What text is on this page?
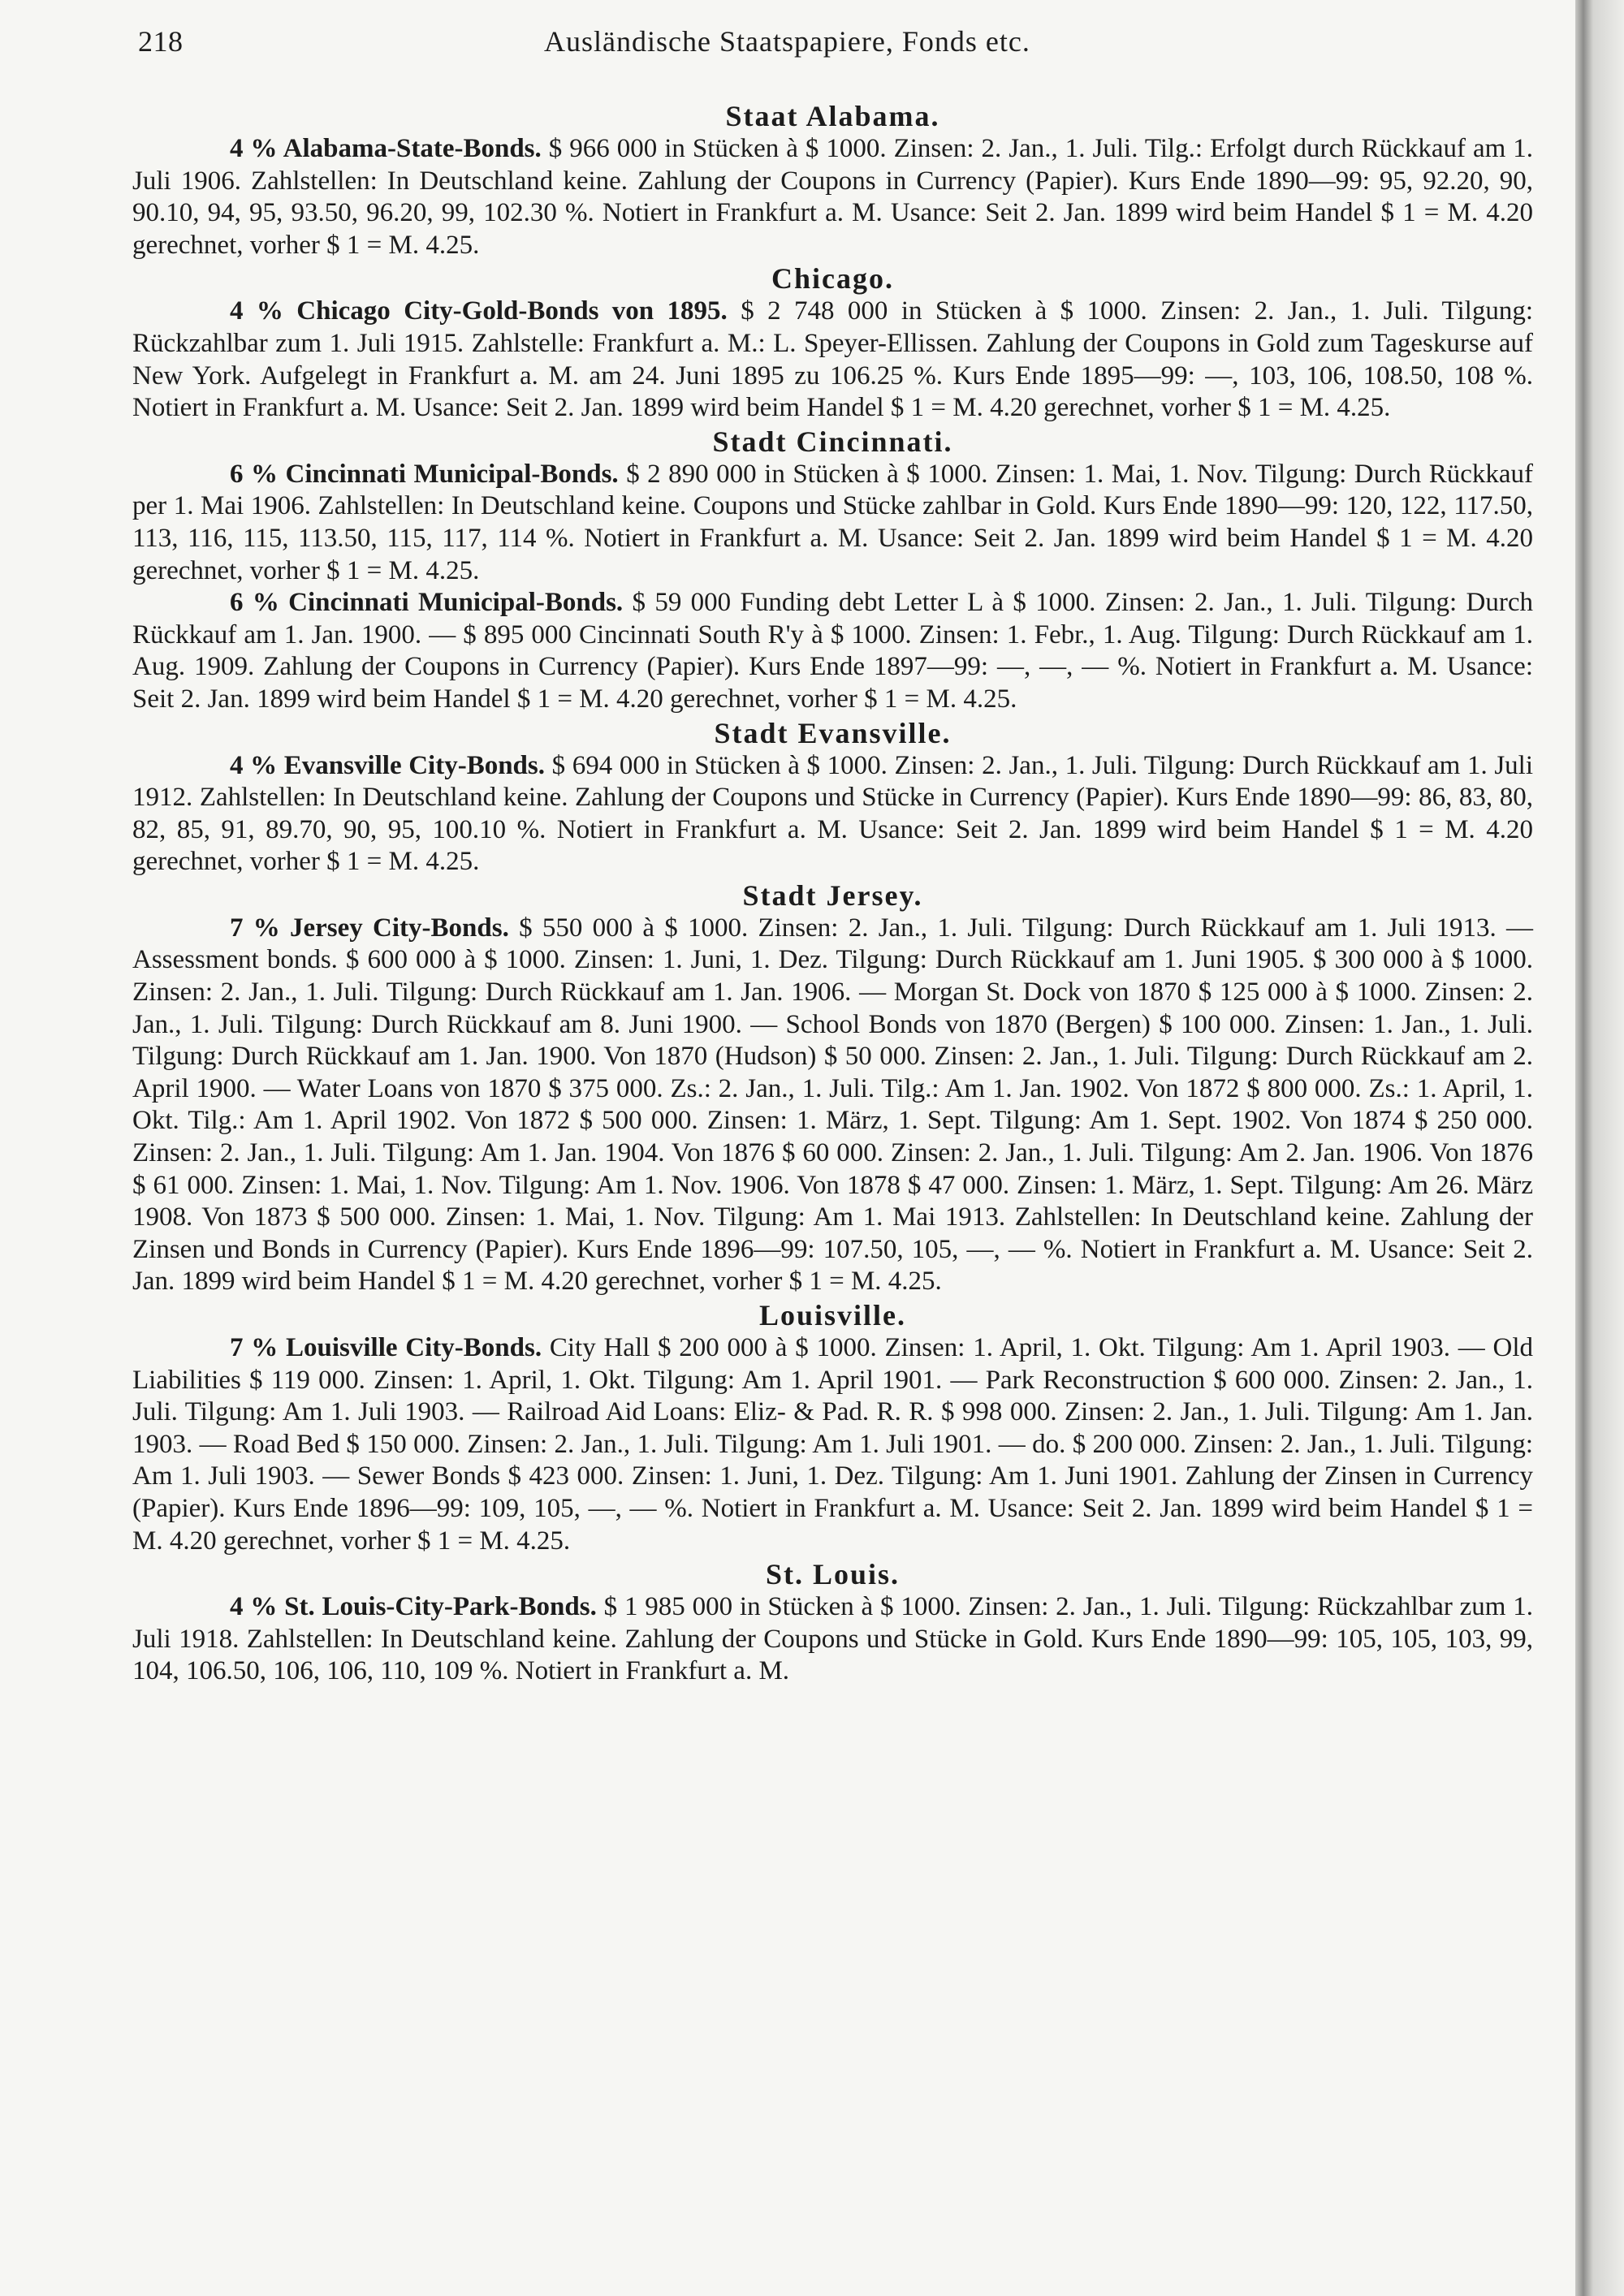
218	Ausländische Staatspapiere, Fonds etc.
Staat Alabama.

4 % Alabama-State-Bonds. $ 966 000 in Stücken à $ 1000. Zinsen: 2. Jan., 1. Juli. Tilg.: Erfolgt durch Rückkauf am 1. Juli 1906. Zahlstellen: In Deutschland keine. Zahlung der Coupons in Currency (Papier). Kurs Ende 1890—99: 95, 92.20, 90, 90.10, 94, 95, 93.50, 96.20, 99, 102.30 %. Notiert in Frankfurt a. M. Usance: Seit 2. Jan. 1899 wird beim Handel $ 1 = M. 4.20 gerechnet, vorher $ 1 = M. 4.25.

Chicago.

4 % Chicago City-Gold-Bonds von 1895. $ 2 748 000 in Stücken à $ 1000. Zinsen: 2. Jan., 1. Juli. Tilgung: Rückzahlbar zum 1. Juli 1915. Zahlstelle: Frankfurt a. M.: L. Speyer-Ellissen. Zahlung der Coupons in Gold zum Tageskurse auf New York. Aufgelegt in Frankfurt a. M. am 24. Juni 1895 zu 106.25 %. Kurs Ende 1895—99: —, 103, 106, 108.50, 108 %. Notiert in Frankfurt a. M. Usance: Seit 2. Jan. 1899 wird beim Handel $ 1 = M. 4.20 gerechnet, vorher $ 1 = M. 4.25.

Stadt Cincinnati.

6 % Cincinnati Municipal-Bonds. $ 2 890 000 in Stücken à $ 1000. Zinsen: 1. Mai, 1. Nov. Tilgung: Durch Rückkauf per 1. Mai 1906. Zahlstellen: In Deutschland keine. Coupons und Stücke zahlbar in Gold. Kurs Ende 1890—99: 120, 122, 117.50, 113, 116, 115, 113.50, 115, 117, 114 %. Notiert in Frankfurt a. M. Usance: Seit 2. Jan. 1899 wird beim Handel $ 1 = M. 4.20 gerechnet, vorher $ 1 = M. 4.25.

6 % Cincinnati Municipal-Bonds. $ 59 000 Funding debt Letter L à $ 1000. Zinsen: 2. Jan., 1. Juli. Tilgung: Durch Rückkauf am 1. Jan. 1900. — $ 895 000 Cincinnati South R'y à $ 1000. Zinsen: 1. Febr., 1. Aug. Tilgung: Durch Rückkauf am 1. Aug. 1909. Zahlung der Coupons in Currency (Papier). Kurs Ende 1897—99: —, —, — %. Notiert in Frankfurt a. M. Usance: Seit 2. Jan. 1899 wird beim Handel $ 1 = M. 4.20 gerechnet, vorher $ 1 = M. 4.25.

Stadt Evansville.

4 % Evansville City-Bonds. $ 694 000 in Stücken à $ 1000. Zinsen: 2. Jan., 1. Juli. Tilgung: Durch Rückkauf am 1. Juli 1912. Zahlstellen: In Deutschland keine. Zahlung der Coupons und Stücke in Currency (Papier). Kurs Ende 1890—99: 86, 83, 80, 82, 85, 91, 89.70, 90, 95, 100.10 %. Notiert in Frankfurt a. M. Usance: Seit 2. Jan. 1899 wird beim Handel $ 1 = M. 4.20 gerechnet, vorher $ 1 = M. 4.25.

Stadt Jersey.

7 % Jersey City-Bonds. $ 550 000 à $ 1000. Zinsen: 2. Jan., 1. Juli. Tilgung: Durch Rückkauf am 1. Juli 1913. — Assessment bonds. $ 600 000 à $ 1000. Zinsen: 1. Juni, 1. Dez. Tilgung: Durch Rückkauf am 1. Juni 1905. $ 300 000 à $ 1000. Zinsen: 2. Jan., 1. Juli. Tilgung: Durch Rückkauf am 1. Jan. 1906. — Morgan St. Dock von 1870 $ 125 000 à $ 1000. Zinsen: 2. Jan., 1. Juli. Tilgung: Durch Rückkauf am 8. Juni 1900. — School Bonds von 1870 (Bergen) $ 100 000. Zinsen: 1. Jan., 1. Juli. Tilgung: Durch Rückkauf am 1. Jan. 1900. Von 1870 (Hudson) $ 50 000. Zinsen: 2. Jan., 1. Juli. Tilgung: Durch Rückkauf am 2. April 1900. — Water Loans von 1870 $ 375 000. Zs.: 2. Jan., 1. Juli. Tilg.: Am 1. Jan. 1902. Von 1872 $ 800 000. Zs.: 1. April, 1. Okt. Tilg.: Am 1. April 1902. Von 1872 $ 500 000. Zinsen: 1. März, 1. Sept. Tilgung: Am 1. Sept. 1902. Von 1874 $ 250 000. Zinsen: 2. Jan., 1. Juli. Tilgung: Am 1. Jan. 1904. Von 1876 $ 60 000. Zinsen: 2. Jan., 1. Juli. Tilgung: Am 2. Jan. 1906. Von 1876 $ 61 000. Zinsen: 1. Mai, 1. Nov. Tilgung: Am 1. Nov. 1906. Von 1878 $ 47 000. Zinsen: 1. März, 1. Sept. Tilgung: Am 26. März 1908. Von 1873 $ 500 000. Zinsen: 1. Mai, 1. Nov. Tilgung: Am 1. Mai 1913. Zahlstellen: In Deutschland keine. Zahlung der Zinsen und Bonds in Currency (Papier). Kurs Ende 1896—99: 107.50, 105, —, — %. Notiert in Frankfurt a. M. Usance: Seit 2. Jan. 1899 wird beim Handel $ 1 = M. 4.20 gerechnet, vorher $ 1 = M. 4.25.

Louisville.

7 % Louisville City-Bonds. City Hall $ 200 000 à $ 1000. Zinsen: 1. April, 1. Okt. Tilgung: Am 1. April 1903. — Old Liabilities $ 119 000. Zinsen: 1. April, 1. Okt. Tilgung: Am 1. April 1901. — Park Reconstruction $ 600 000. Zinsen: 2. Jan., 1. Juli. Tilgung: Am 1. Juli 1903. — Railroad Aid Loans: Eliz- & Pad. R. R. $ 998 000. Zinsen: 2. Jan., 1. Juli. Tilgung: Am 1. Jan. 1903. — Road Bed $ 150 000. Zinsen: 2. Jan., 1. Juli. Tilgung: Am 1. Juli 1901. — do. $ 200 000. Zinsen: 2. Jan., 1. Juli. Tilgung: Am 1. Juli 1903. — Sewer Bonds $ 423 000. Zinsen: 1. Juni, 1. Dez. Tilgung: Am 1. Juni 1901. Zahlung der Zinsen in Currency (Papier). Kurs Ende 1896—99: 109, 105, —, — %. Notiert in Frankfurt a. M. Usance: Seit 2. Jan. 1899 wird beim Handel $ 1 = M. 4.20 gerechnet, vorher $ 1 = M. 4.25.

St. Louis.

4 % St. Louis-City-Park-Bonds. $ 1 985 000 in Stücken à $ 1000. Zinsen: 2. Jan., 1. Juli. Tilgung: Rückzahlbar zum 1. Juli 1918. Zahlstellen: In Deutschland keine. Zahlung der Coupons und Stücke in Gold. Kurs Ende 1890—99: 105, 105, 103, 99, 104, 106.50, 106, 106, 110, 109 %. Notiert in Frankfurt a. M.
